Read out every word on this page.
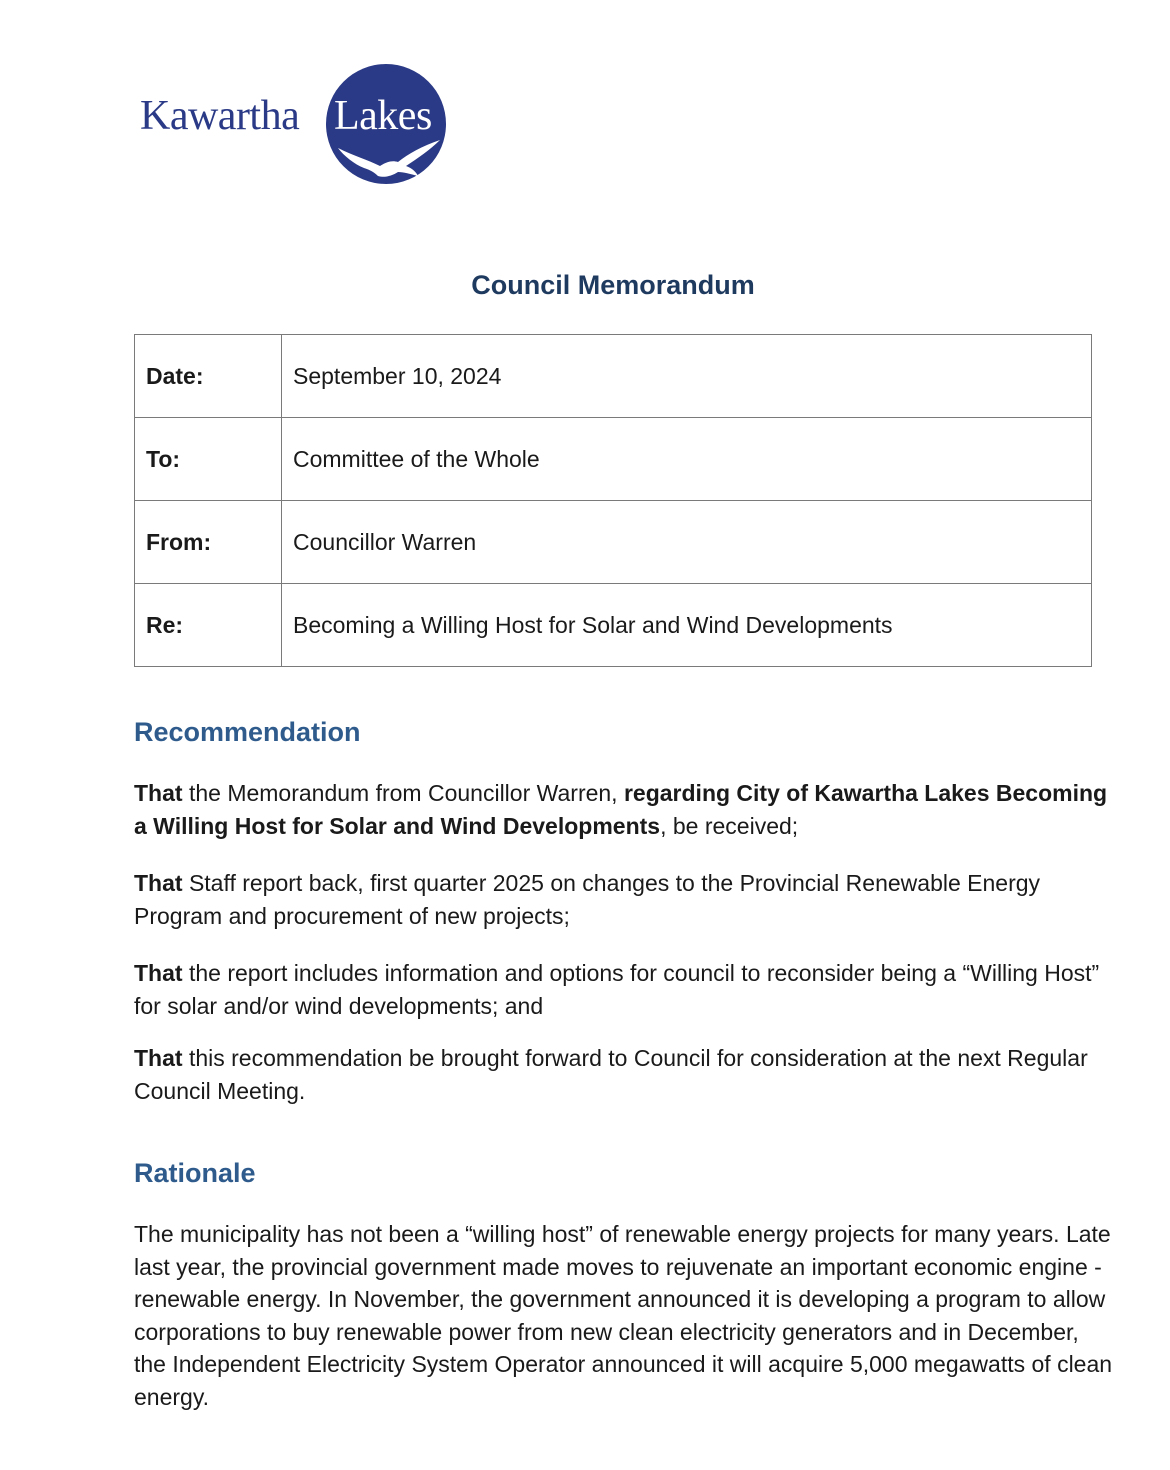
Kawartha Lakes
Council Memorandum
Date:	September 10, 2024
To:	Committee of the Whole
From:	Councillor Warren
Re:	Becoming a Willing Host for Solar and Wind Developments
Recommendation

That the Memorandum from Councillor Warren, regarding City of Kawartha Lakes Becoming a Willing Host for Solar and Wind Developments, be received;

That Staff report back, first quarter 2025 on changes to the Provincial Renewable Energy Program and procurement of new projects;

That the report includes information and options for council to reconsider being a “Willing Host” for solar and/or wind developments; and

That this recommendation be brought forward to Council for consideration at the next Regular Council Meeting.

Rationale

The municipality has not been a “willing host” of renewable energy projects for many years. Late last year, the provincial government made moves to rejuvenate an important economic engine -renewable energy. In November, the government announced it is developing a program to allow corporations to buy renewable power from new clean electricity generators and in December, the Independent Electricity System Operator announced it will acquire 5,000 megawatts of clean energy.
